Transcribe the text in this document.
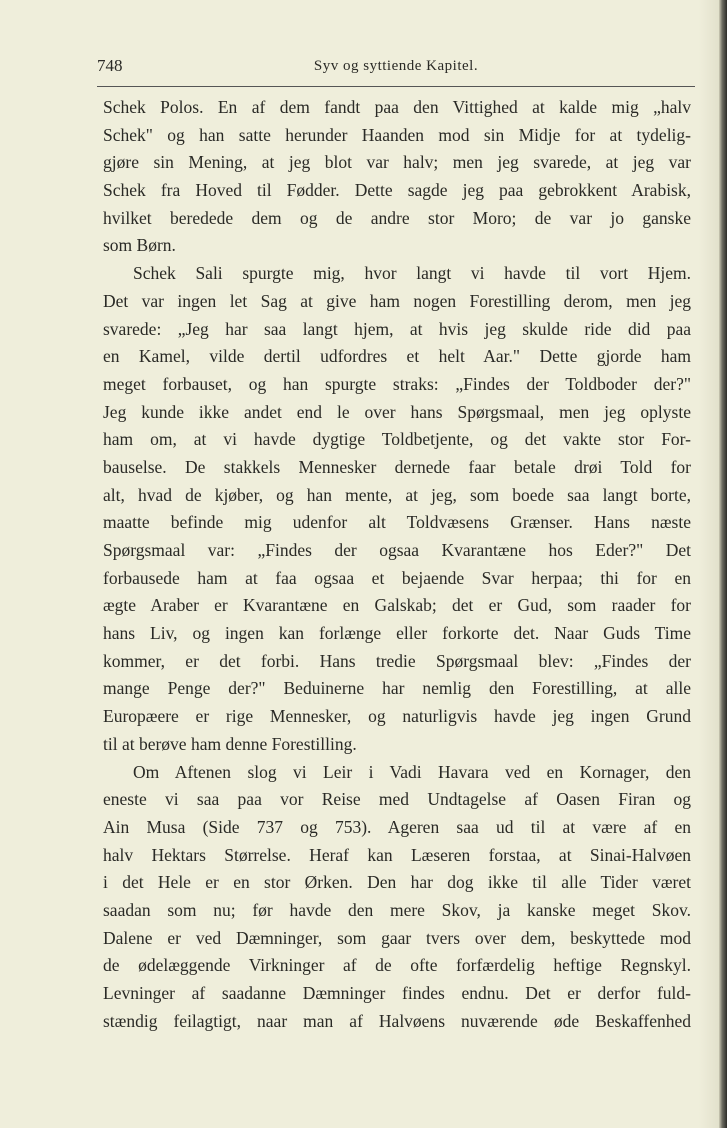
748	Syv og syttiende Kapitel.
Schek Polos. En af dem fandt paa den Vittighed at kalde mig „halv
Schek" og han satte herunder Haanden mod sin Midje for at tydelig-
gjøre sin Mening, at jeg blot var halv; men jeg svarede, at jeg var
Schek fra Hoved til Fødder. Dette sagde jeg paa gebrokkent Arabisk,
hvilket beredede dem og de andre stor Moro; de var jo ganske
som Børn.
Schek Sali spurgte mig, hvor langt vi havde til vort Hjem.
Det var ingen let Sag at give ham nogen Forestilling derom, men jeg
svarede: „Jeg har saa langt hjem, at hvis jeg skulde ride did paa
en Kamel, vilde dertil udfordres et helt Aar." Dette gjorde ham
meget forbauset, og han spurgte straks: „Findes der Toldboder der?"
Jeg kunde ikke andet end le over hans Spørgsmaal, men jeg oplyste
ham om, at vi havde dygtige Toldbetjente, og det vakte stor For-
bauselse. De stakkels Mennesker dernede faar betale drøi Told for
alt, hvad de kjøber, og han mente, at jeg, som boede saa langt borte,
maatte befinde mig udenfor alt Toldvæsens Grænser. Hans næste
Spørgsmaal var: „Findes der ogsaa Kvarantæne hos Eder?" Det
forbausede ham at faa ogsaa et bejaende Svar herpaa; thi for en
ægte Araber er Kvarantæne en Galskab; det er Gud, som raader for
hans Liv, og ingen kan forlænge eller forkorte det. Naar Guds Time
kommer, er det forbi. Hans tredie Spørgsmaal blev: „Findes der
mange Penge der?" Beduinerne har nemlig den Forestilling, at alle
Europæere er rige Mennesker, og naturligvis havde jeg ingen Grund
til at berøve ham denne Forestilling.
Om Aftenen slog vi Leir i Vadi Havara ved en Kornager, den
eneste vi saa paa vor Reise med Undtagelse af Oasen Firan og
Ain Musa (Side 737 og 753). Ageren saa ud til at være af en
halv Hektars Størrelse. Heraf kan Læseren forstaa, at Sinai-Halvøen
i det Hele er en stor Ørken. Den har dog ikke til alle Tider været
saadan som nu; før havde den mere Skov, ja kanske meget Skov.
Dalene er ved Dæmninger, som gaar tvers over dem, beskyttede mod
de ødelæggende Virkninger af de ofte forfærdelig heftige Regnskyl.
Levninger af saadanne Dæmninger findes endnu. Det er derfor fuld-
stændig feilagtigt, naar man af Halvøens nuværende øde Beskaffenhed
